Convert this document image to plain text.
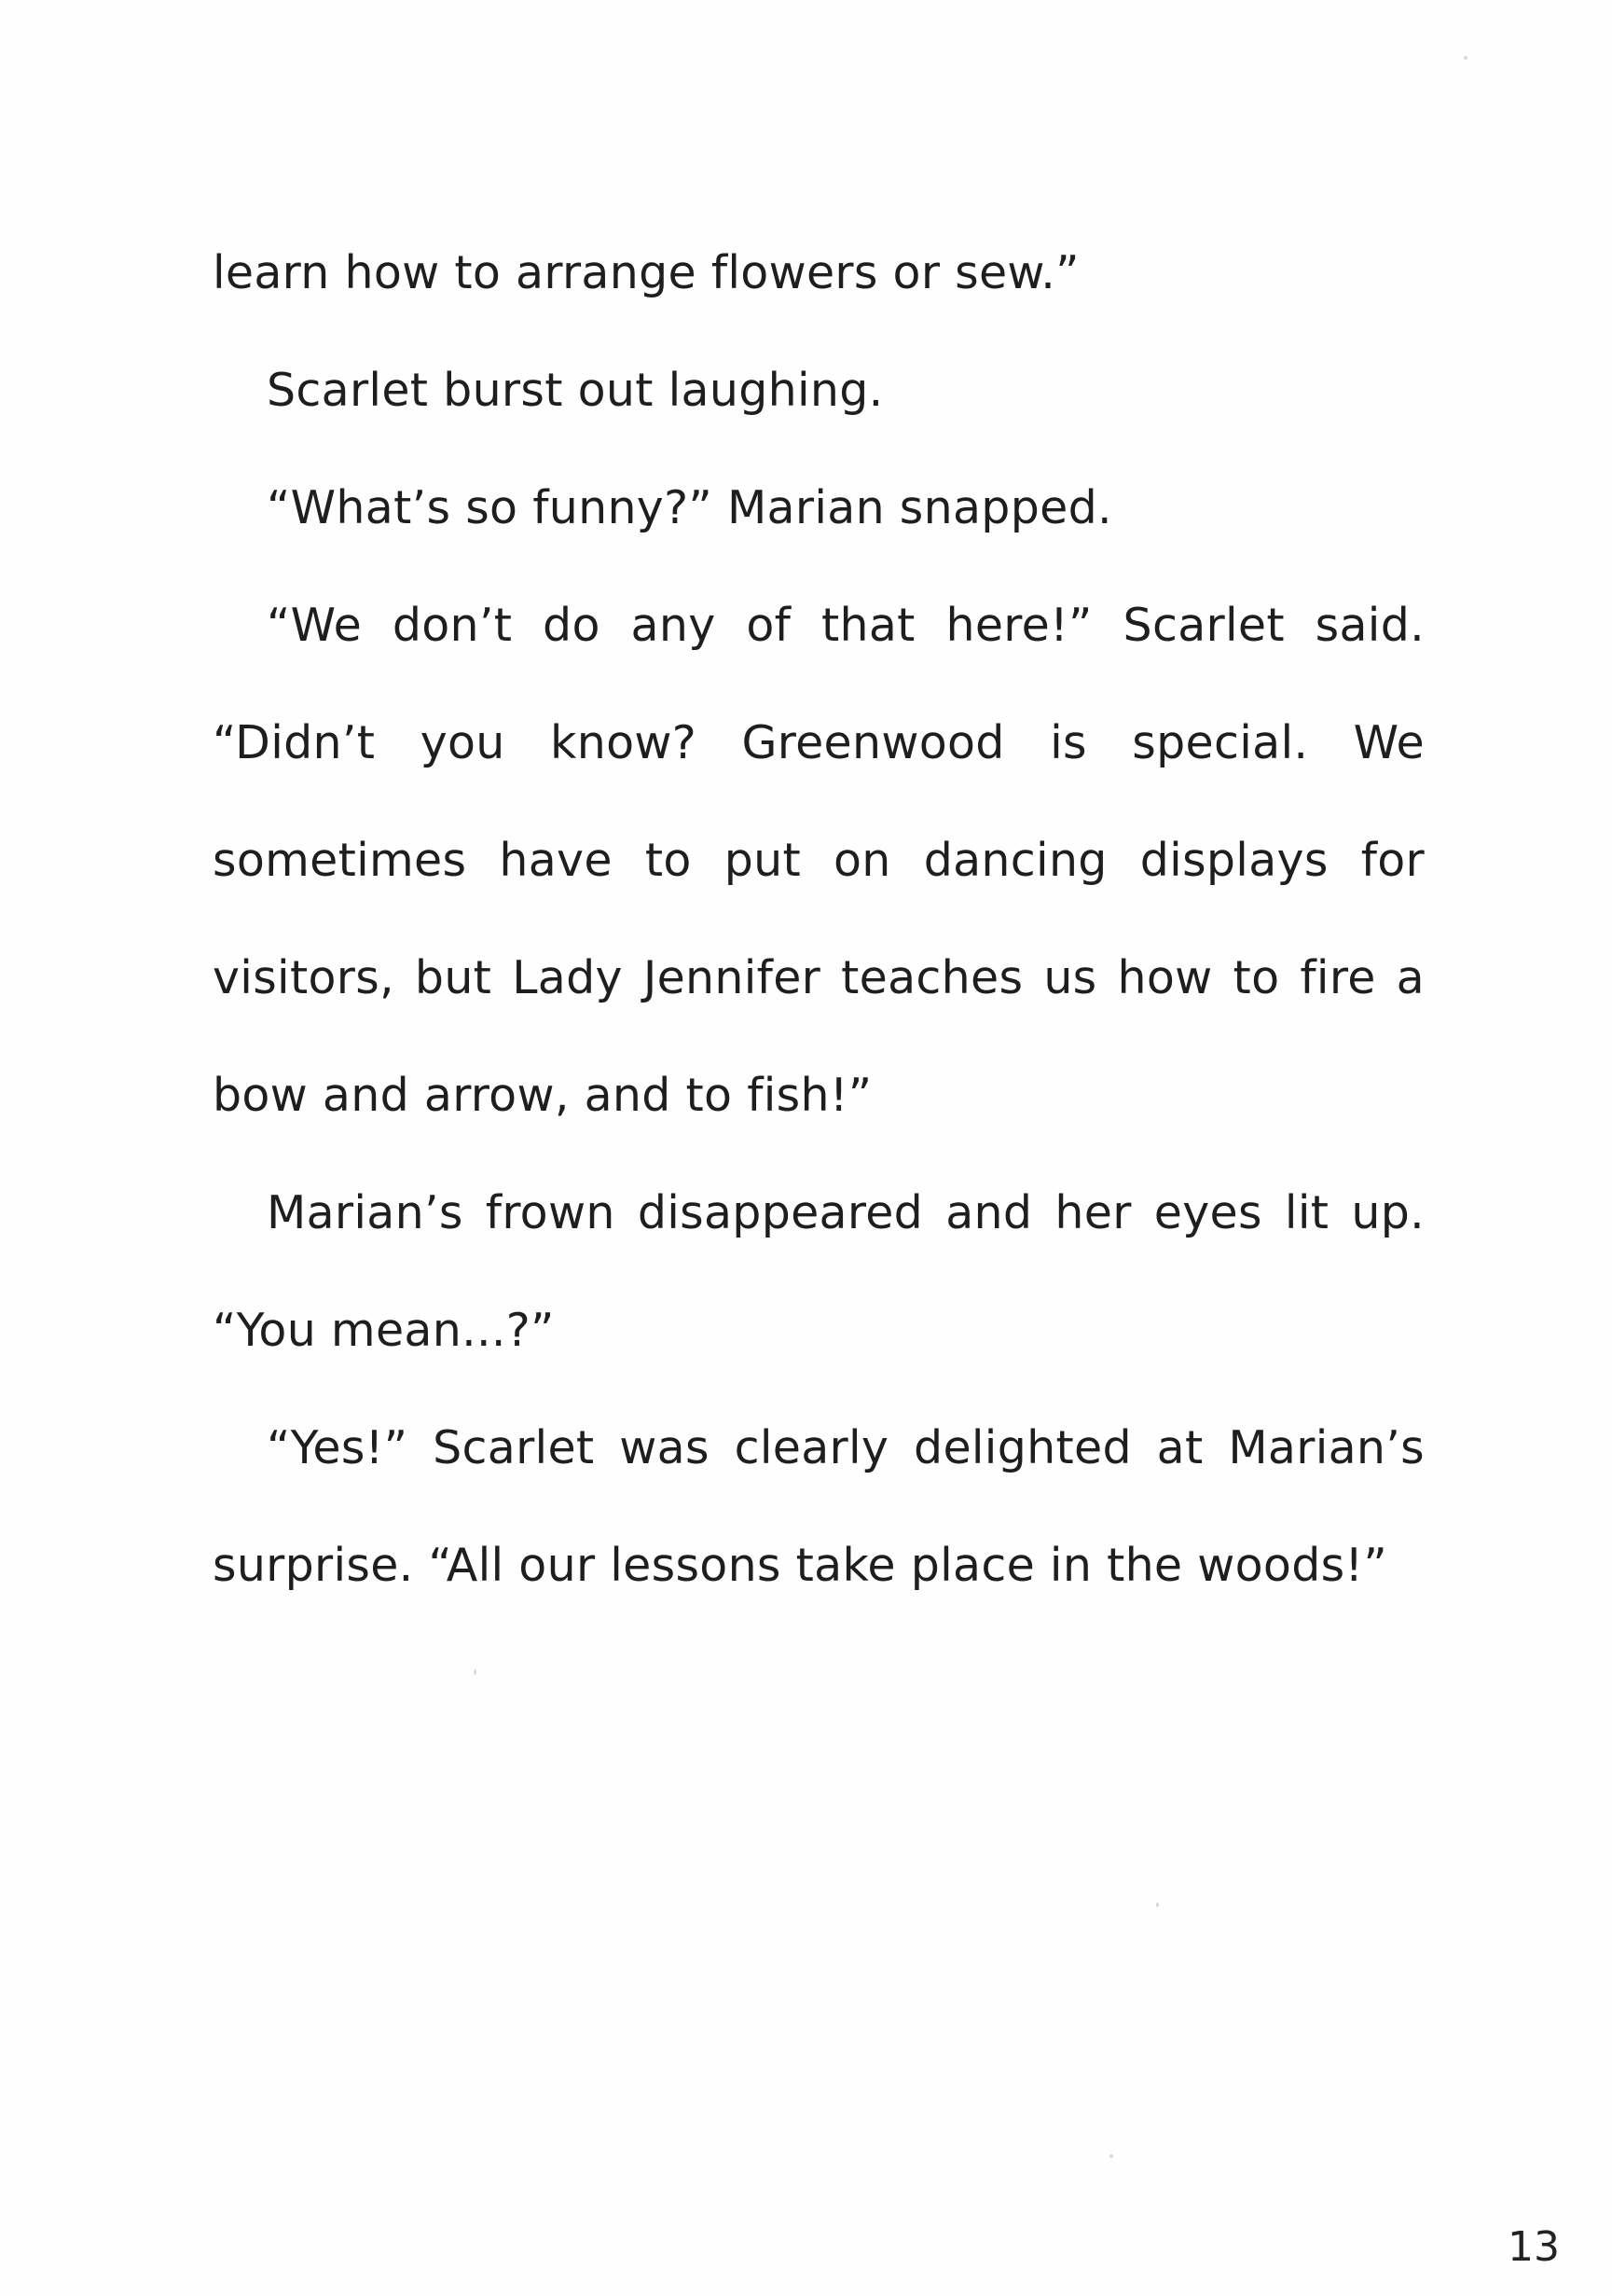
learn how to arrange flowers or sew.”

Scarlet burst out laughing.

“What’s so funny?” Marian snapped.

“We don’t do any of that here!” Scarlet said. “Didn’t you know? Greenwood is special. We sometimes have to put on dancing displays for visitors, but Lady Jennifer teaches us how to fire a bow and arrow, and to fish!”

Marian’s frown disappeared and her eyes lit up. “You mean...?”

“Yes!” Scarlet was clearly delighted at Marian’s surprise. “All our lessons take place in the woods!”

13
